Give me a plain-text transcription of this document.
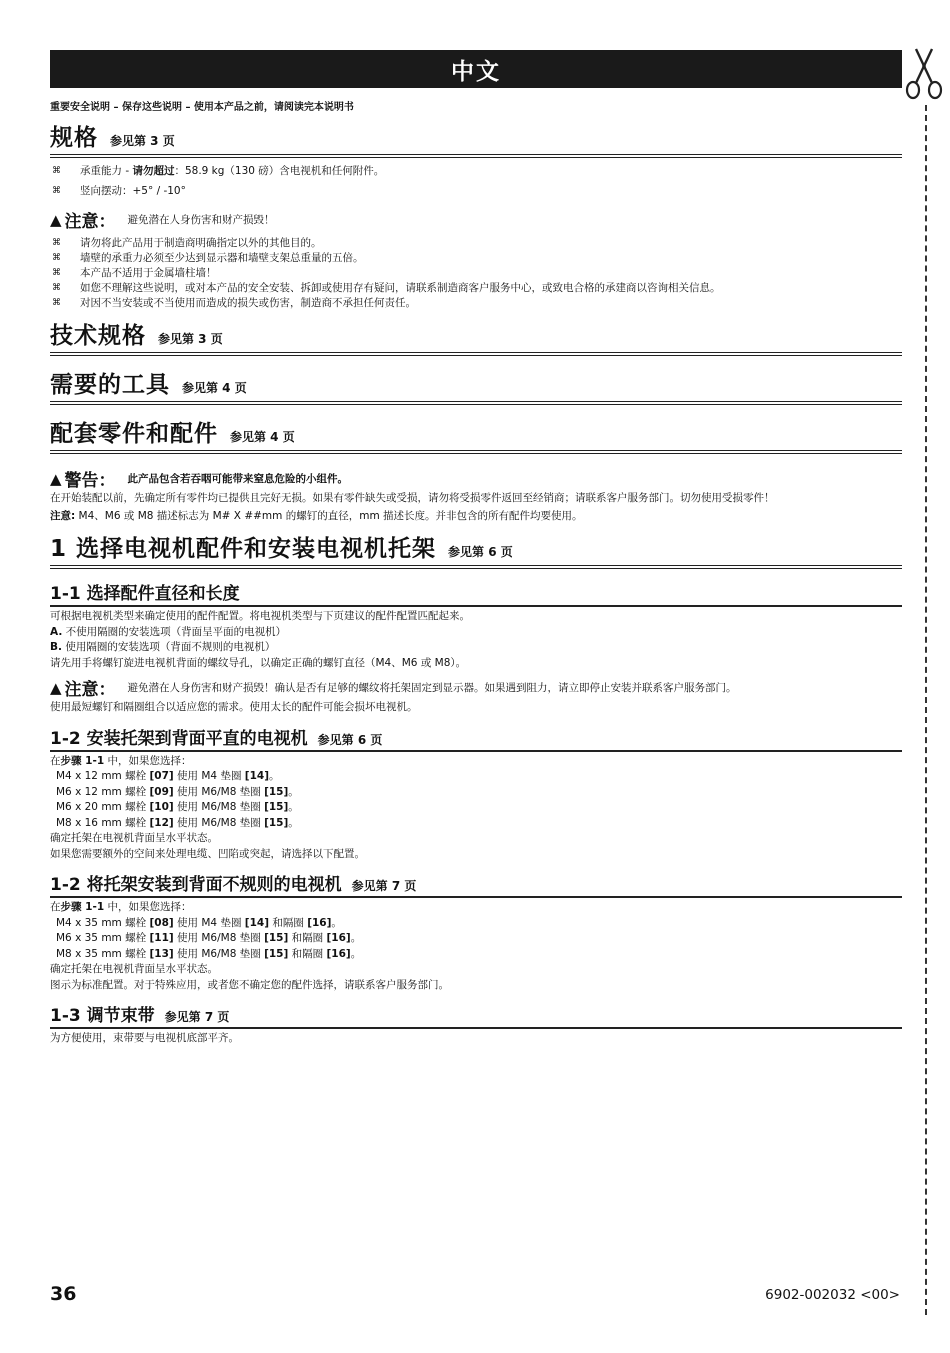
中文
重要安全说明 – 保存这些说明 – 使用本产品之前，请阅读完本说明书
规格 参见第 3 页
⌘ 承重能力 - 请勿超过：58.9 kg（130 磅）含电视机和任何附件。
⌘ 竖向摆动：+5° / -10°
▲ 注意： 避免潜在人身伤害和财产损毁！
⌘ 请勿将此产品用于制造商明确指定以外的其他目的。
⌘ 墙壁的承重力必须至少达到显示器和墙壁支架总重量的五倍。
⌘ 本产品不适用于金属墙柱墙！
⌘ 如您不理解这些说明，或对本产品的安全安装、拆卸或使用存有疑问，请联系制造商客户服务中心，或致电合格的承建商以咨询相关信息。
⌘ 对因不当安装或不当使用而造成的损失或伤害，制造商不承担任何责任。
技术规格 参见第 3 页
需要的工具 参见第 4 页
配套零件和配件 参见第 4 页
▲ 警告： 此产品包含若吞咽可能带来窒息危险的小组件。
在开始装配以前，先确定所有零件均已提供且完好无损。如果有零件缺失或受损，请勿将受损零件返回至经销商；请联系客户服务部门。切勿使用受损零件！
注意: M4、M6 或 M8 描述标志为 M# X ##mm 的螺钉的直径，mm 描述长度。并非包含的所有配件均要使用。
1 选择电视机配件和安装电视机托架 参见第 6 页
1-1 选择配件直径和长度
可根据电视机类型来确定使用的配件配置。将电视机类型与下页建议的配件配置匹配起来。
A. 不使用隔圈的安装选项（背面呈平面的电视机）
B. 使用隔圈的安装选项（背面不规则的电视机）
请先用手将螺钉旋进电视机背面的螺纹导孔，以确定正确的螺钉直径（M4、M6 或 M8）。
▲ 注意： 避免潜在人身伤害和财产损毁！确认是否有足够的螺纹将托架固定到显示器。如果遇到阻力，请立即停止安装并联系客户服务部门。
使用最短螺钉和隔圈组合以适应您的需求。使用太长的配件可能会损坏电视机。
1-2 安装托架到背面平直的电视机 参见第 6 页
在步骤 1-1 中，如果您选择：
M4 x 12 mm 螺栓 [07] 使用 M4 垫圈 [14]。
M6 x 12 mm 螺栓 [09] 使用 M6/M8 垫圈 [15]。
M6 x 20 mm 螺栓 [10] 使用 M6/M8 垫圈 [15]。
M8 x 16 mm 螺栓 [12] 使用 M6/M8 垫圈 [15]。
确定托架在电视机背面呈水平状态。
如果您需要额外的空间来处理电缆、凹陷或突起，请选择以下配置。
1-2 将托架安装到背面不规则的电视机 参见第 7 页
在步骤 1-1 中，如果您选择：
M4 x 35 mm 螺栓 [08] 使用 M4 垫圈 [14] 和隔圈 [16]。
M6 x 35 mm 螺栓 [11] 使用 M6/M8 垫圈 [15] 和隔圈 [16]。
M8 x 35 mm 螺栓 [13] 使用 M6/M8 垫圈 [15] 和隔圈 [16]。
确定托架在电视机背面呈水平状态。
图示为标准配置。对于特殊应用，或者您不确定您的配件选择，请联系客户服务部门。
1-3 调节束带 参见第 7 页
为方便使用，束带要与电视机底部平齐。
36	6902-002032 <00>
